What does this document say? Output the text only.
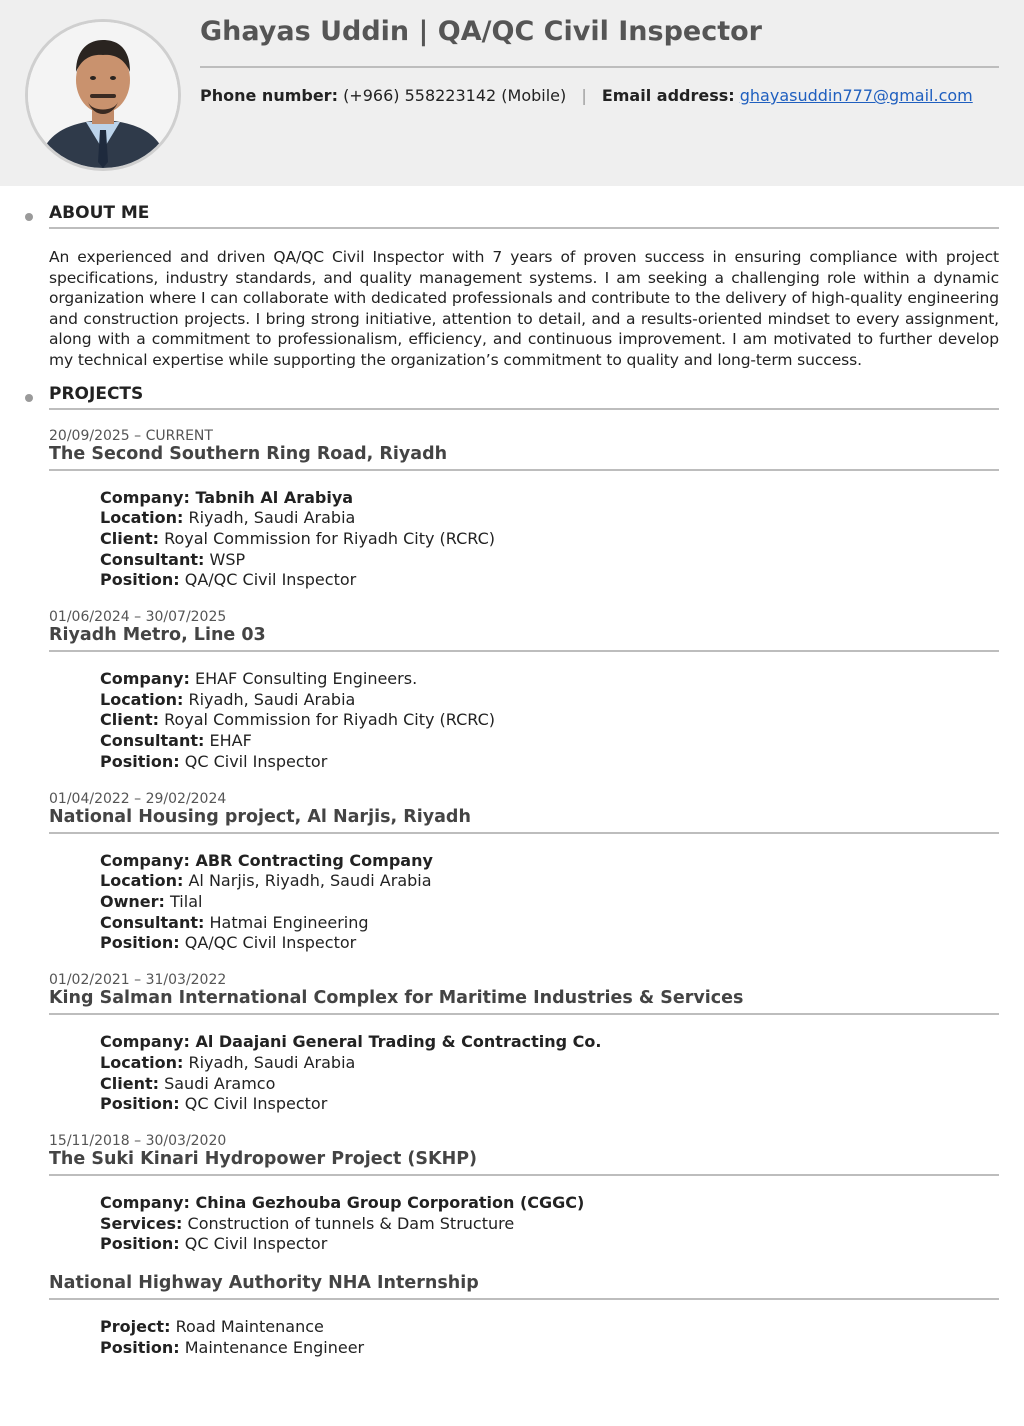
Ghayas Uddin | QA/QC Civil Inspector
Phone number: (+966) 558223142 (Mobile) | Email address: ghayasuddin777@gmail.com
ABOUT ME

An experienced and driven QA/QC Civil Inspector with 7 years of proven success in ensuring compliance with project specifications, industry standards, and quality management systems. I am seeking a challenging role within a dynamic organization where I can collaborate with dedicated professionals and contribute to the delivery of high-quality engineering and construction projects. I bring strong initiative, attention to detail, and a results-oriented mindset to every assignment, along with a commitment to professionalism, efficiency, and continuous improvement. I am motivated to further develop my technical expertise while supporting the organization’s commitment to quality and long-term success.

PROJECTS
20/09/2025 – CURRENT
The Second Southern Ring Road, Riyadh
Company: Tabnih Al Arabiya
Location: Riyadh, Saudi Arabia
Client: Royal Commission for Riyadh City (RCRC)
Consultant: WSP
Position: QA/QC Civil Inspector
01/06/2024 – 30/07/2025
Riyadh Metro, Line 03
Company: EHAF Consulting Engineers.
Location: Riyadh, Saudi Arabia
Client: Royal Commission for Riyadh City (RCRC)
Consultant: EHAF
Position: QC Civil Inspector
01/04/2022 – 29/02/2024
National Housing project, Al Narjis, Riyadh
Company: ABR Contracting Company
Location: Al Narjis, Riyadh, Saudi Arabia
Owner: Tilal
Consultant: Hatmai Engineering
Position: QA/QC Civil Inspector
01/02/2021 – 31/03/2022
King Salman International Complex for Maritime Industries & Services
Company: Al Daajani General Trading & Contracting Co.
Location: Riyadh, Saudi Arabia
Client: Saudi Aramco
Position: QC Civil Inspector
15/11/2018 – 30/03/2020
The Suki Kinari Hydropower Project (SKHP)
Company: China Gezhouba Group Corporation (CGGC)
Services: Construction of tunnels & Dam Structure
Position: QC Civil Inspector
National Highway Authority NHA Internship
Project: Road Maintenance
Position: Maintenance Engineer
